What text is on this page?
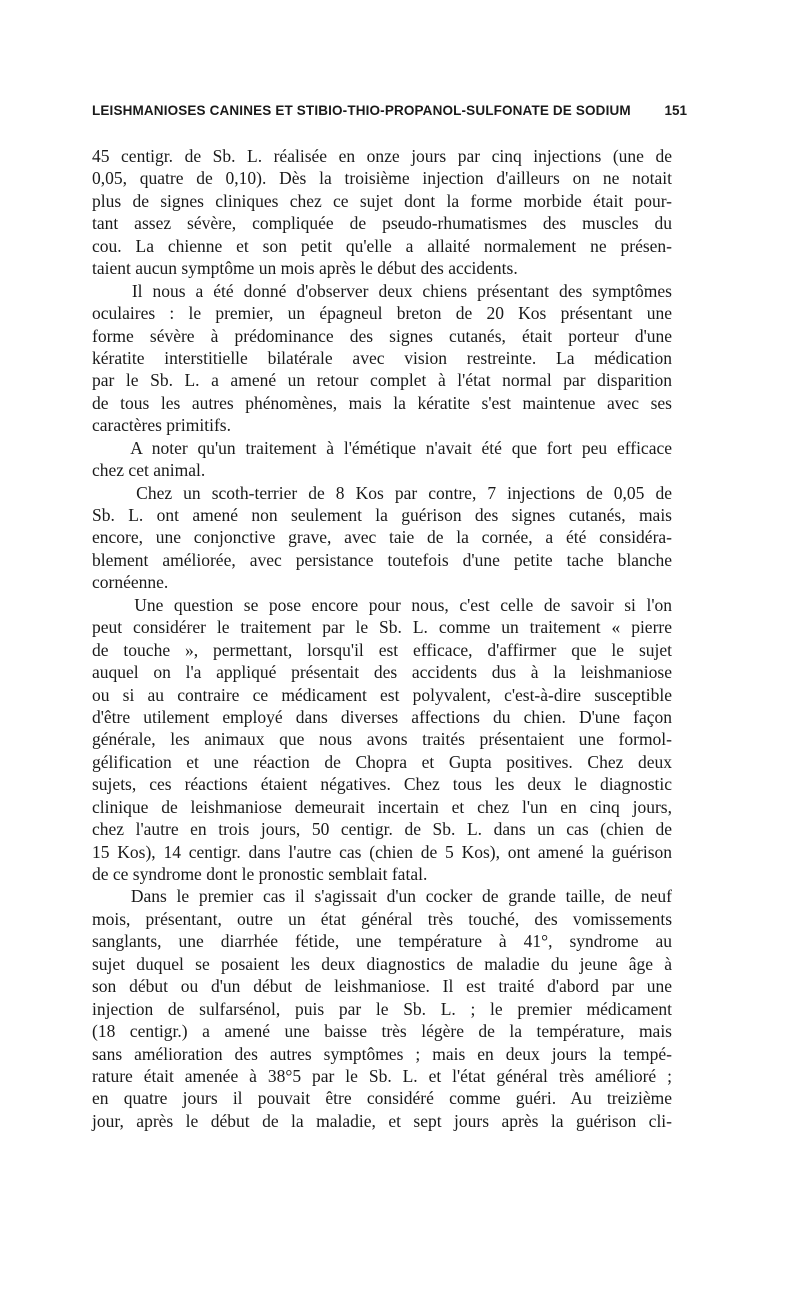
LEISHMANIOSES CANINES ET STIBIO-THIO-PROPANOL-SULFONATE DE SODIUM 151
45 centigr. de Sb. L. réalisée en onze jours par cinq injections (une de
0,05, quatre de 0,10). Dès la troisième injection d'ailleurs on ne notait
plus de signes cliniques chez ce sujet dont la forme morbide était pour-
tant assez sévère, compliquée de pseudo-rhumatismes des muscles du
cou. La chienne et son petit qu'elle a allaité normalement ne présen-
taient aucun symptôme un mois après le début des accidents.
Il nous a été donné d'observer deux chiens présentant des symptômes
oculaires : le premier, un épagneul breton de 20 Kos présentant une
forme sévère à prédominance des signes cutanés, était porteur d'une
kératite interstitielle bilatérale avec vision restreinte. La médication
par le Sb. L. a amené un retour complet à l'état normal par disparition
de tous les autres phénomènes, mais la kératite s'est maintenue avec ses
caractères primitifs.
A noter qu'un traitement à l'émétique n'avait été que fort peu efficace
chez cet animal.
Chez un scoth-terrier de 8 Kos par contre, 7 injections de 0,05 de
Sb. L. ont amené non seulement la guérison des signes cutanés, mais
encore, une conjonctive grave, avec taie de la cornée, a été considéra-
blement améliorée, avec persistance toutefois d'une petite tache blanche
cornéenne.
Une question se pose encore pour nous, c'est celle de savoir si l'on
peut considérer le traitement par le Sb. L. comme un traitement « pierre
de touche », permettant, lorsqu'il est efficace, d'affirmer que le sujet
auquel on l'a appliqué présentait des accidents dus à la leishmaniose
ou si au contraire ce médicament est polyvalent, c'est-à-dire susceptible
d'être utilement employé dans diverses affections du chien. D'une façon
générale, les animaux que nous avons traités présentaient une formol-
gélification et une réaction de Chopra et Gupta positives. Chez deux
sujets, ces réactions étaient négatives. Chez tous les deux le diagnostic
clinique de leishmaniose demeurait incertain et chez l'un en cinq jours,
chez l'autre en trois jours, 50 centigr. de Sb. L. dans un cas (chien de
15 Kos), 14 centigr. dans l'autre cas (chien de 5 Kos), ont amené la guérison
de ce syndrome dont le pronostic semblait fatal.
Dans le premier cas il s'agissait d'un cocker de grande taille, de neuf
mois, présentant, outre un état général très touché, des vomissements
sanglants, une diarrhée fétide, une température à 41°, syndrome au
sujet duquel se posaient les deux diagnostics de maladie du jeune âge à
son début ou d'un début de leishmaniose. Il est traité d'abord par une
injection de sulfarsénol, puis par le Sb. L. ; le premier médicament
(18 centigr.) a amené une baisse très légère de la température, mais
sans amélioration des autres symptômes ; mais en deux jours la tempé-
rature était amenée à 38°5 par le Sb. L. et l'état général très amélioré ;
en quatre jours il pouvait être considéré comme guéri. Au treizième
jour, après le début de la maladie, et sept jours après la guérison cli-
